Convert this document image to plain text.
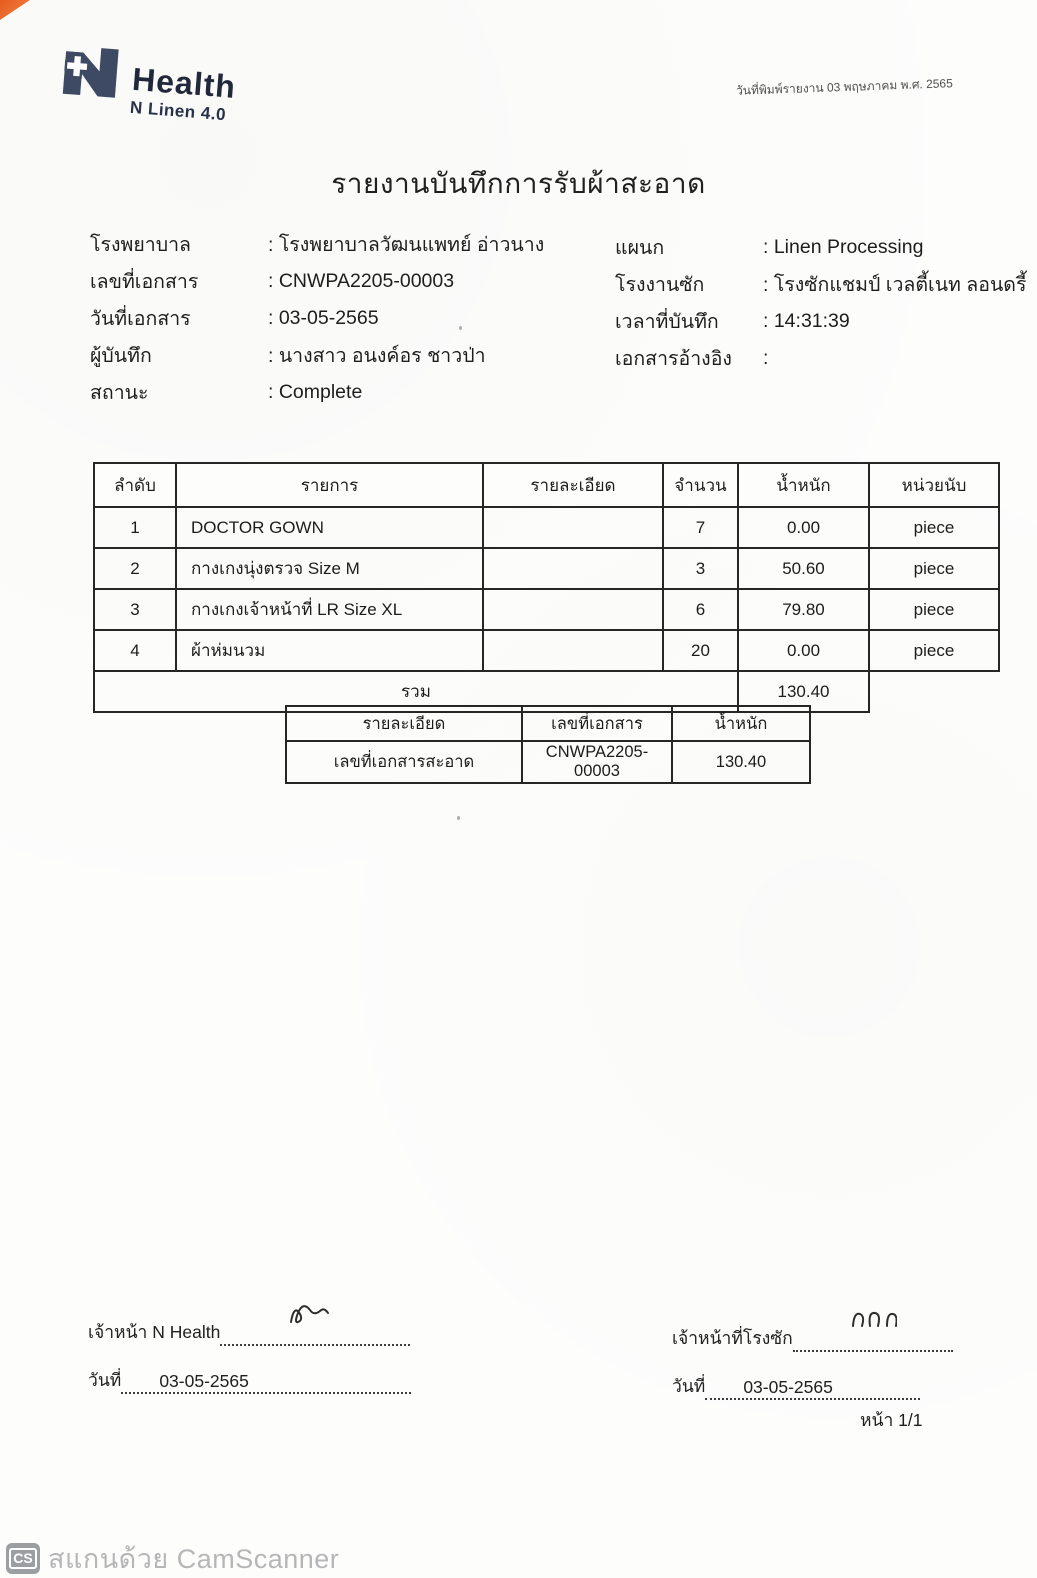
Health
N Linen 4.0
วันที่พิมพ์รายงาน 03 พฤษภาคม พ.ศ. 2565
รายงานบันทึกการรับผ้าสะอาด
โรงพยาบาล	: โรงพยาบาลวัฒนแพทย์ อ่าวนาง
เลขที่เอกสาร	: CNWPA2205-00003
วันที่เอกสาร	: 03-05-2565
ผู้บันทึก	: นางสาว อนงค์อร ชาวป่า
สถานะ	: Complete
แผนก	: Linen Processing
โรงงานซัก	: โรงซักแชมป์ เวลตี้เนท ลอนดรี้
เวลาที่บันทึก	: 14:31:39
เอกสารอ้างอิง	:
ลำดับ	รายการ	รายละเอียด	จำนวน	น้ำหนัก	หน่วยนับ
1	DOCTOR GOWN		7	0.00	piece
2	กางเกงนุ่งตรวจ Size M		3	50.60	piece
3	กางเกงเจ้าหน้าที่ LR Size XL		6	79.80	piece
4	ผ้าห่มนวม		20	0.00	piece
รวม				130.40	
รายละเอียด	เลขที่เอกสาร	น้ำหนัก
เลขที่เอกสารสะอาด	CNWPA2205-00003	130.40
เจ้าหน้า N Health
วันที่ 03-05-2565
เจ้าหน้าที่โรงซัก
วันที่ 03-05-2565
หน้า 1/1
CS สแกนด้วย CamScanner
